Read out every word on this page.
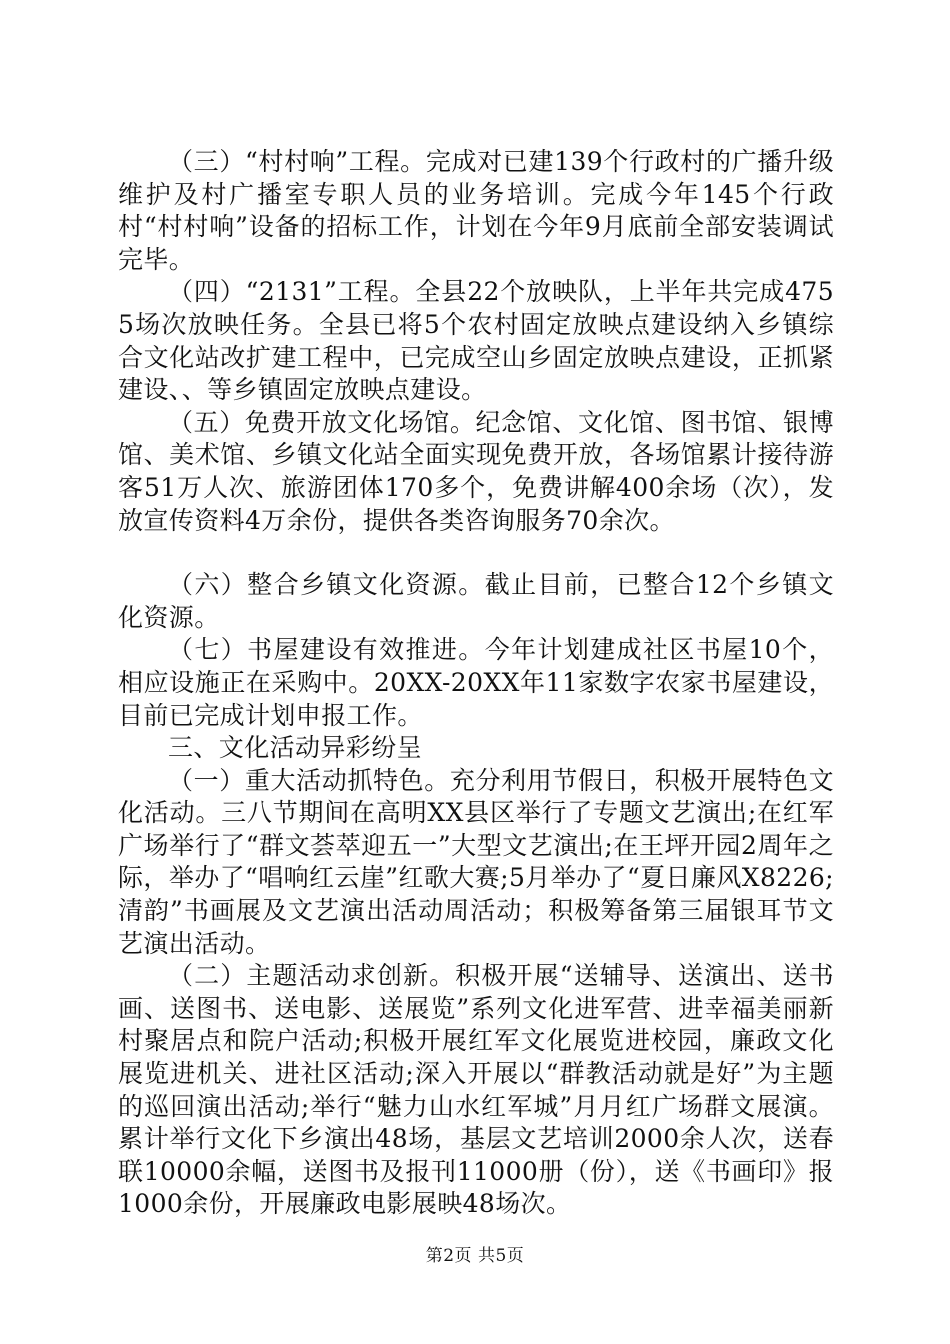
（三）“村村响”工程。完成对已建139个行政村的广播升级维护及村广播室专职人员的业务培训。完成今年145个行政村“村村响”设备的招标工作，计划在今年9月底前全部安装调试完毕。

（四）“2131”工程。全县22个放映队，上半年共完成4755场次放映任务。全县已将5个农村固定放映点建设纳入乡镇综合文化站改扩建工程中，已完成空山乡固定放映点建设，正抓紧建设、、等乡镇固定放映点建设。

（五）免费开放文化场馆。纪念馆、文化馆、图书馆、银博馆、美术馆、乡镇文化站全面实现免费开放，各场馆累计接待游客51万人次、旅游团体170多个，免费讲解400余场（次），发放宣传资料4万余份，提供各类咨询服务70余次。

（六）整合乡镇文化资源。截止目前，已整合12个乡镇文化资源。

（七）书屋建设有效推进。今年计划建成社区书屋10个，相应设施正在采购中。20XX-20XX年11家数字农家书屋建设，目前已完成计划申报工作。

三、文化活动异彩纷呈

（一）重大活动抓特色。充分利用节假日，积极开展特色文化活动。三八节期间在高明XX县区举行了专题文艺演出;在红军广场举行了“群文荟萃迎五一”大型文艺演出;在王坪开园2周年之际，举办了“唱响红云崖”红歌大赛;5月举办了“夏日廉风X8226;清韵”书画展及文艺演出活动周活动；积极筹备第三届银耳节文艺演出活动。

（二）主题活动求创新。积极开展“送辅导、送演出、送书画、送图书、送电影、送展览”系列文化进军营、进幸福美丽新村聚居点和院户活动;积极开展红军文化展览进校园，廉政文化展览进机关、进社区活动;深入开展以“群教活动就是好”为主题的巡回演出活动;举行“魅力山水红军城”月月红广场群文展演。累计举行文化下乡演出48场，基层文艺培训2000余人次，送春联10000余幅，送图书及报刊11000册（份），送《书画印》报1000余份，开展廉政电影展映48场次。

第2页 共5页
